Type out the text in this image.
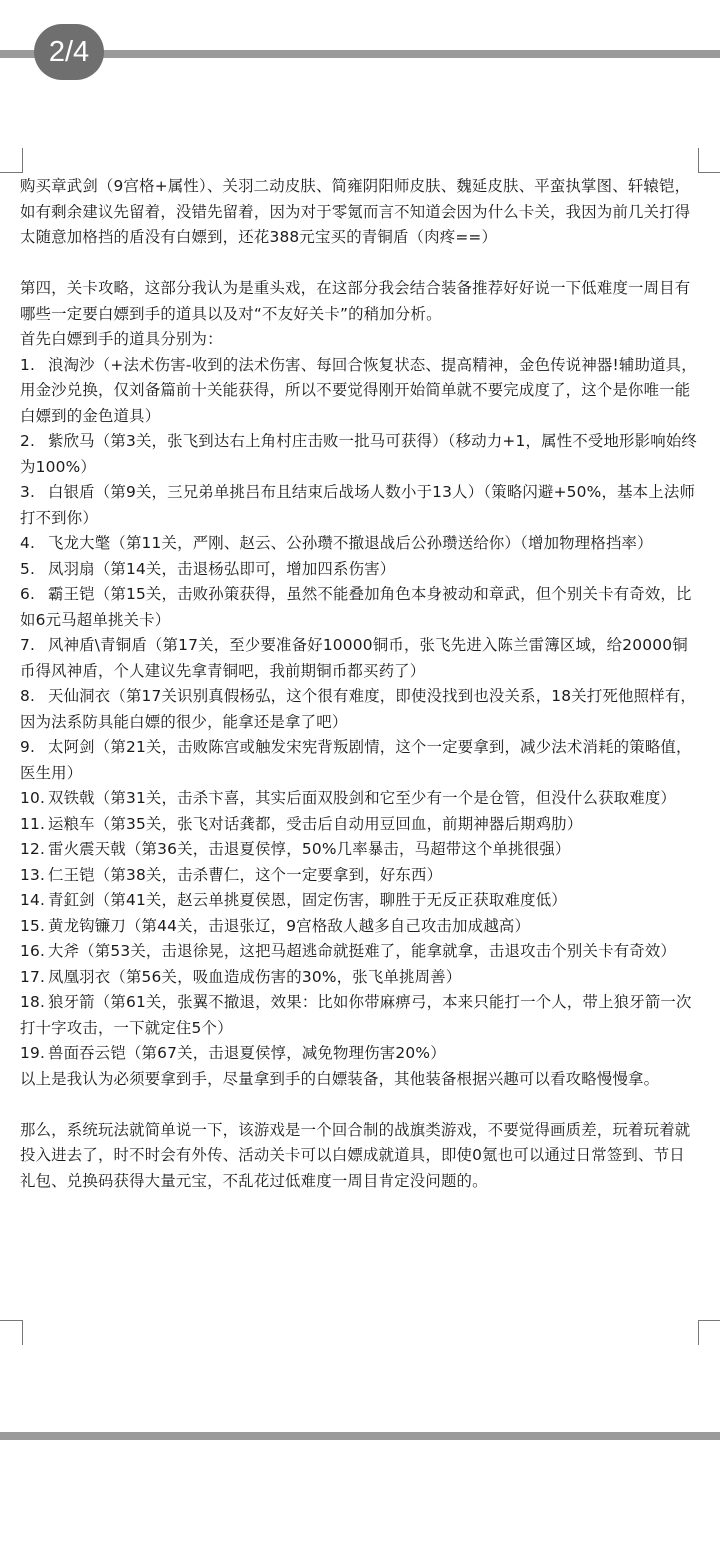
2/4

购买章武剑（9宫格+属性）、关羽二动皮肤、简雍阴阳师皮肤、魏延皮肤、平蛮执掌图、轩辕铠，如有剩余建议先留着，没错先留着，因为对于零氪而言不知道会因为什么卡关，我因为前几关打得太随意加格挡的盾没有白嫖到，还花388元宝买的青铜盾（肉疼==）

第四，关卡攻略，这部分我认为是重头戏，在这部分我会结合装备推荐好好说一下低难度一周目有哪些一定要白嫖到手的道具以及对“不友好关卡”的稍加分析。

首先白嫖到手的道具分别为：

1. 浪淘沙（+法术伤害-收到的法术伤害、每回合恢复状态、提高精神，金色传说神器!辅助道具，用金沙兑换，仅刘备篇前十关能获得，所以不要觉得刚开始简单就不要完成度了，这个是你唯一能白嫖到的金色道具）

2. 紫欣马（第3关，张飞到达右上角村庄击败一批马可获得）（移动力+1，属性不受地形影响始终为100%）

3. 白银盾（第9关，三兄弟单挑吕布且结束后战场人数小于13人）（策略闪避+50%，基本上法师打不到你）

4. 飞龙大氅（第11关，严刚、赵云、公孙瓒不撤退战后公孙瓒送给你）（增加物理格挡率）

5. 凤羽扇（第14关，击退杨弘即可，增加四系伤害）

6. 霸王铠（第15关，击败孙策获得，虽然不能叠加角色本身被动和章武，但个别关卡有奇效，比如6元马超单挑关卡）

7. 风神盾\青铜盾（第17关，至少要准备好10000铜币，张飞先进入陈兰雷簿区域，给20000铜币得风神盾，个人建议先拿青铜吧，我前期铜币都买药了）

8. 天仙洞衣（第17关识别真假杨弘，这个很有难度，即使没找到也没关系，18关打死他照样有，因为法系防具能白嫖的很少，能拿还是拿了吧）

9. 太阿剑（第21关，击败陈宫或触发宋宪背叛剧情，这个一定要拿到，减少法术消耗的策略值，医生用）

10. 双铁戟（第31关，击杀卞喜，其实后面双股剑和它至少有一个是仓管，但没什么获取难度）

11. 运粮车（第35关，张飞对话龚都，受击后自动用豆回血，前期神器后期鸡肋）

12. 雷火震天戟（第36关，击退夏侯惇，50%几率暴击，马超带这个单挑很强）

13. 仁王铠（第38关，击杀曹仁，这个一定要拿到，好东西）

14. 青釭剑（第41关，赵云单挑夏侯恩，固定伤害，聊胜于无反正获取难度低）

15. 黄龙钩镰刀（第44关，击退张辽，9宫格敌人越多自己攻击加成越高）

16. 大斧（第53关，击退徐晃，这把马超逃命就挺难了，能拿就拿，击退攻击个别关卡有奇效）

17. 凤凰羽衣（第56关，吸血造成伤害的30%，张飞单挑周善）

18. 狼牙箭（第61关，张翼不撤退，效果：比如你带麻痹弓，本来只能打一个人，带上狼牙箭一次打十字攻击，一下就定住5个）

19. 兽面吞云铠（第67关，击退夏侯惇，减免物理伤害20%）

以上是我认为必须要拿到手，尽量拿到手的白嫖装备，其他装备根据兴趣可以看攻略慢慢拿。

那么，系统玩法就简单说一下，该游戏是一个回合制的战旗类游戏，不要觉得画质差，玩着玩着就投入进去了，时不时会有外传、活动关卡可以白嫖成就道具，即使0氪也可以通过日常签到、节日礼包、兑换码获得大量元宝，不乱花过低难度一周目肯定没问题的。
